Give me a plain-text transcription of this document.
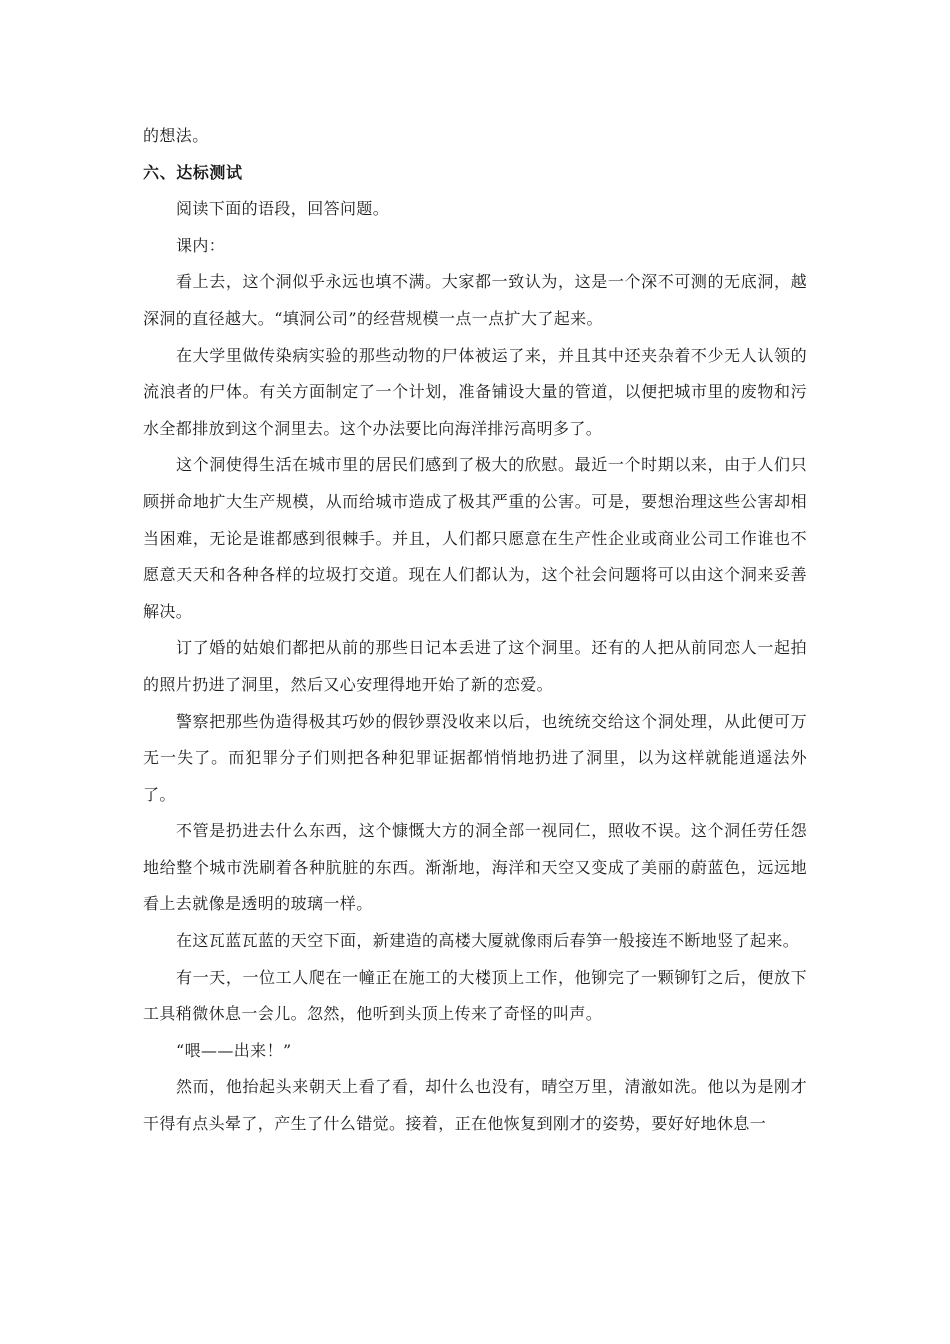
的想法。

六、达标测试

阅读下面的语段，回答问题。

课内：

看上去，这个洞似乎永远也填不满。大家都一致认为，这是一个深不可测的无底洞，越深洞的直径越大。“填洞公司”的经营规模一点一点扩大了起来。

在大学里做传染病实验的那些动物的尸体被运了来，并且其中还夹杂着不少无人认领的流浪者的尸体。有关方面制定了一个计划，准备铺设大量的管道，以便把城市里的废物和污水全都排放到这个洞里去。这个办法要比向海洋排污高明多了。

这个洞使得生活在城市里的居民们感到了极大的欣慰。最近一个时期以来，由于人们只顾拼命地扩大生产规模，从而给城市造成了极其严重的公害。可是，要想治理这些公害却相当困难，无论是谁都感到很棘手。并且，人们都只愿意在生产性企业或商业公司工作谁也不愿意天天和各种各样的垃圾打交道。现在人们都认为，这个社会问题将可以由这个洞来妥善解决。

订了婚的姑娘们都把从前的那些日记本丢进了这个洞里。还有的人把从前同恋人一起拍的照片扔进了洞里，然后又心安理得地开始了新的恋爱。

警察把那些伪造得极其巧妙的假钞票没收来以后，也统统交给这个洞处理，从此便可万无一失了。而犯罪分子们则把各种犯罪证据都悄悄地扔进了洞里，以为这样就能逍遥法外了。

不管是扔进去什么东西，这个慷慨大方的洞全部一视同仁，照收不误。这个洞任劳任怨地给整个城市洗刷着各种肮脏的东西。渐渐地，海洋和天空又变成了美丽的蔚蓝色，远远地看上去就像是透明的玻璃一样。

在这瓦蓝瓦蓝的天空下面，新建造的高楼大厦就像雨后春笋一般接连不断地竖了起来。

有一天，一位工人爬在一幢正在施工的大楼顶上工作，他铆完了一颗铆钉之后，便放下工具稍微休息一会儿。忽然，他听到头顶上传来了奇怪的叫声。

“喂——出来！”

然而，他抬起头来朝天上看了看，却什么也没有，晴空万里，清澈如洗。他以为是刚才干得有点头晕了，产生了什么错觉。接着，正在他恢复到刚才的姿势，要好好地休息一
